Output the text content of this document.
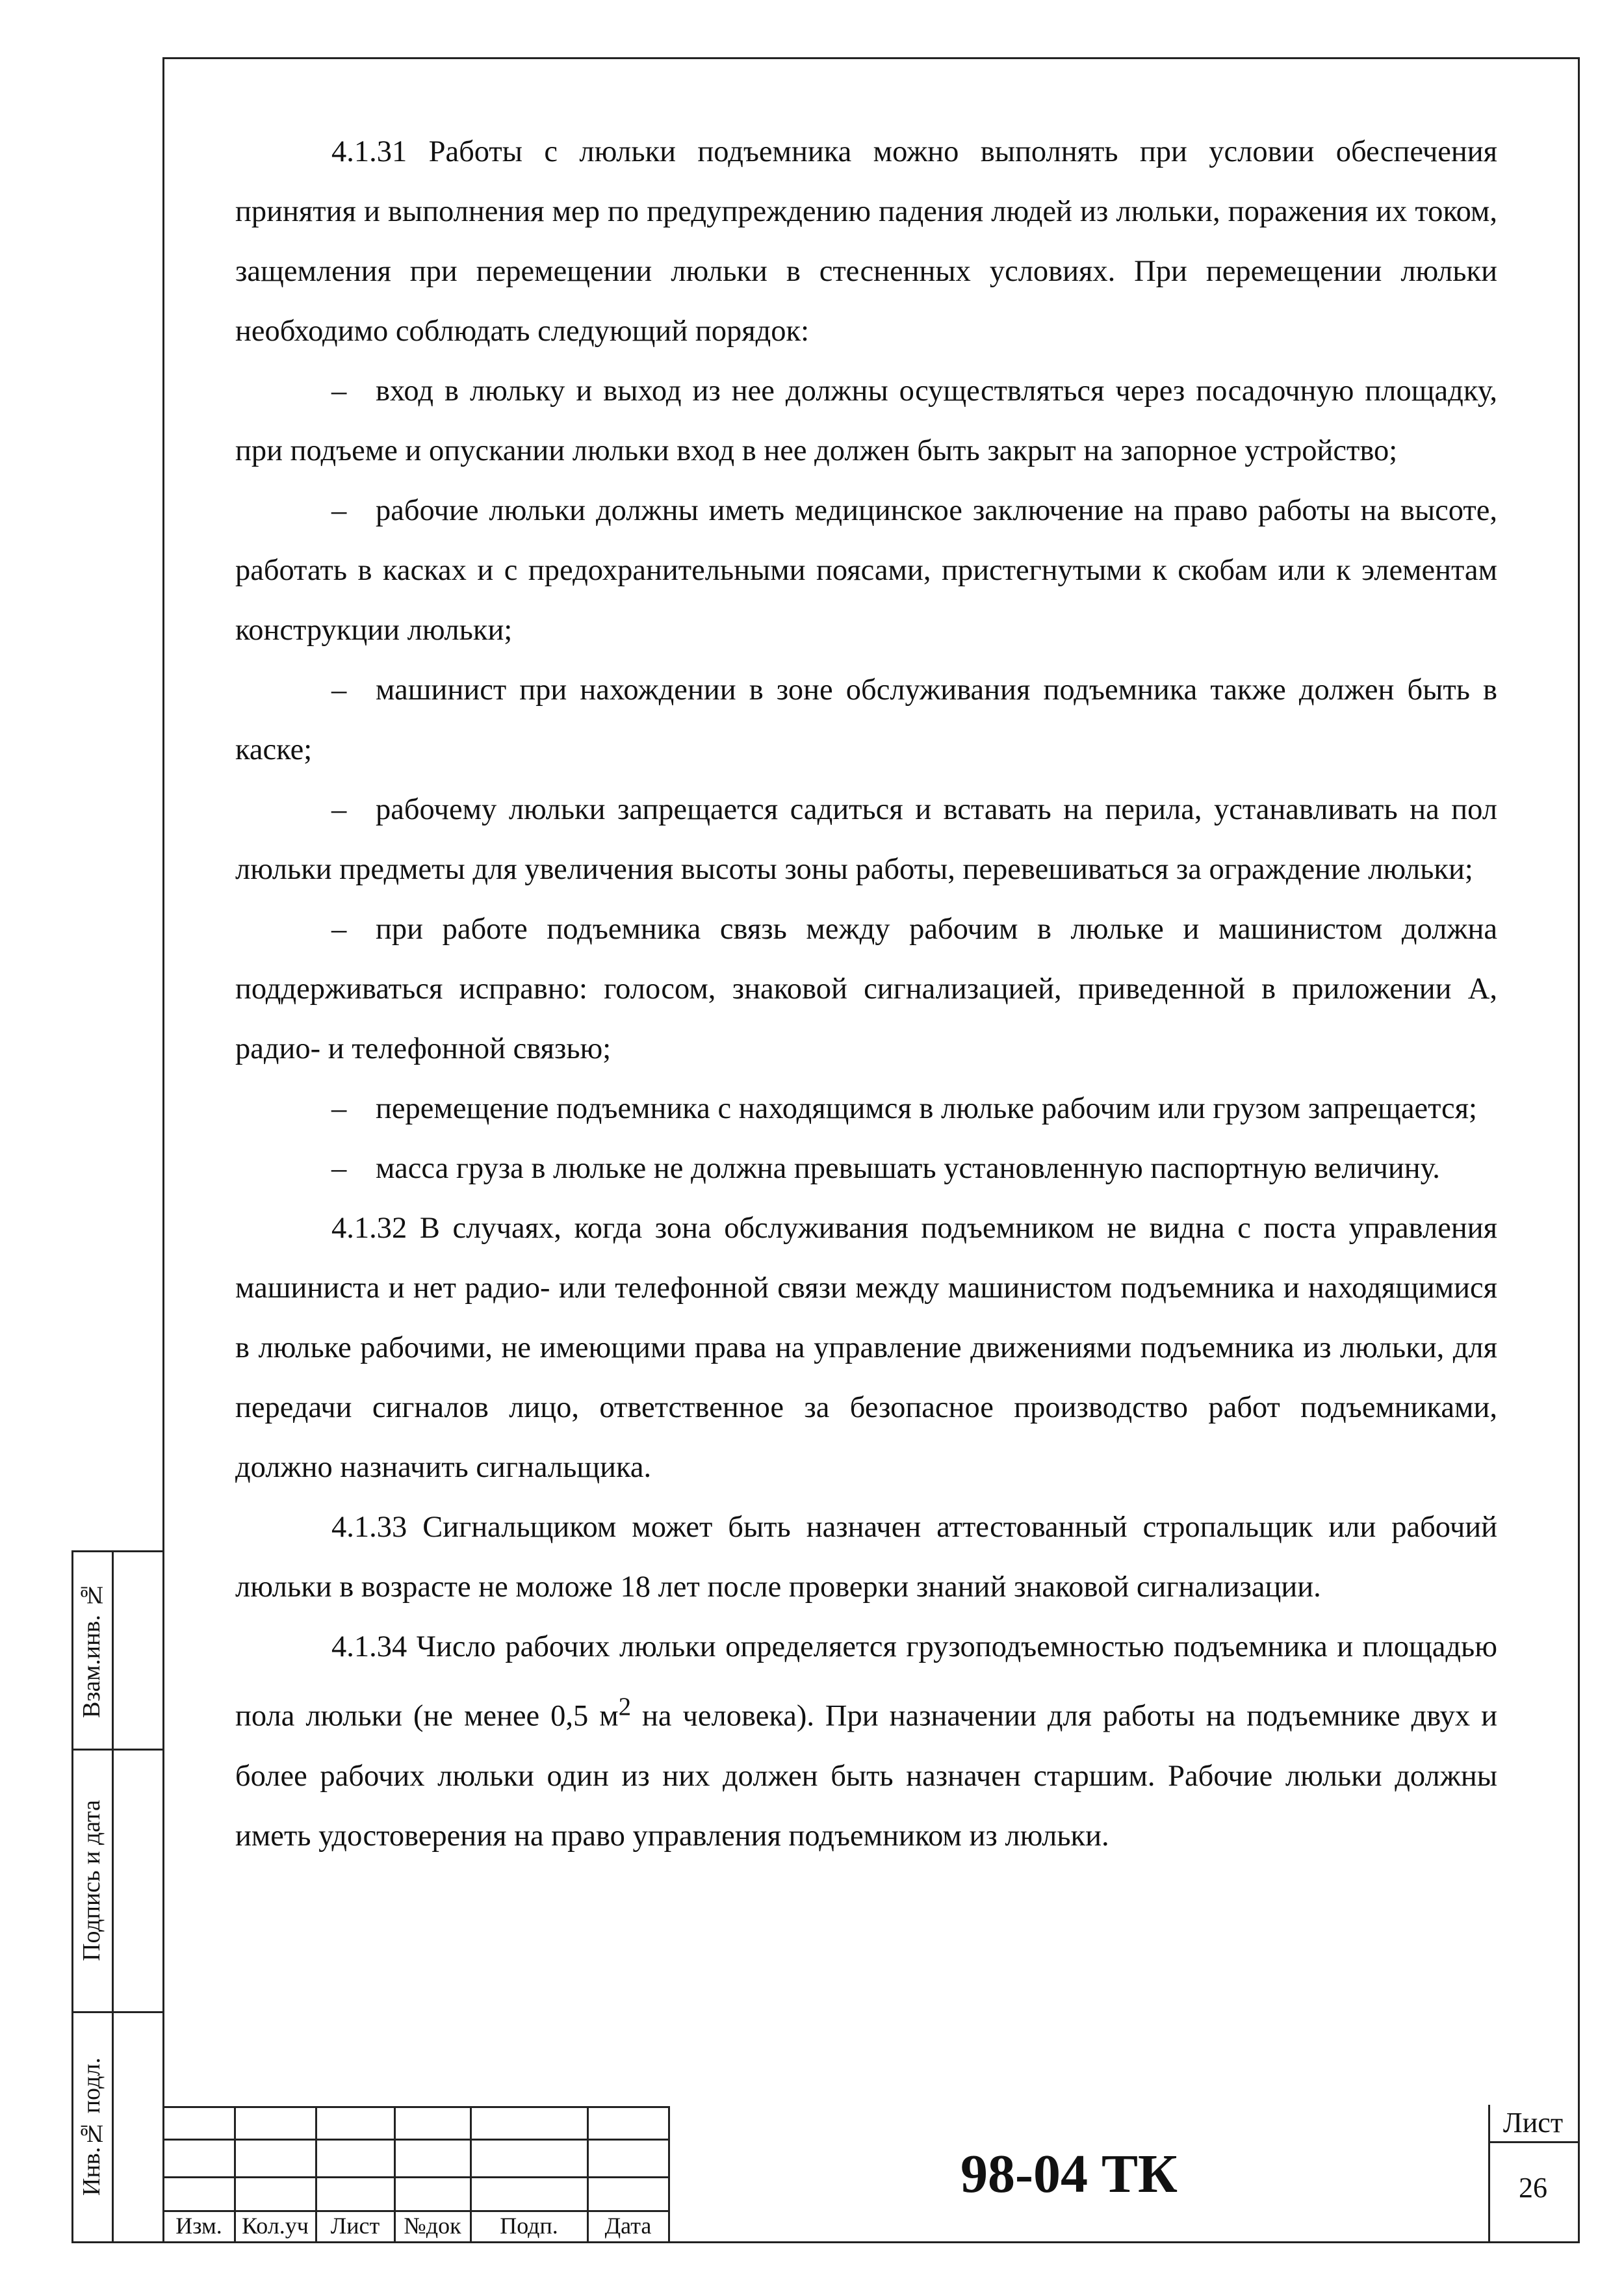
4.1.31 Работы с люльки подъемника можно выполнять при условии обеспечения принятия и выполнения мер по предупреждению падения людей из люльки, поражения их током, защемления при перемещении люльки в стесненных условиях. При перемещении люльки необходимо соблюдать следующий порядок:

– вход в люльку и выход из нее должны осуществляться через посадочную площадку, при подъеме и опускании люльки вход в нее должен быть закрыт на запорное устройство;

– рабочие люльки должны иметь медицинское заключение на право работы на высоте, работать в касках и с предохранительными поясами, пристегнутыми к скобам или к элементам конструкции люльки;

– машинист при нахождении в зоне обслуживания подъемника также должен быть в каске;

– рабочему люльки запрещается садиться и вставать на перила, устанавливать на пол люльки предметы для увеличения высоты зоны работы, перевешиваться за ограждение люльки;

– при работе подъемника связь между рабочим в люльке и машинистом должна поддерживаться исправно: голосом, знаковой сигнализацией, приведенной в приложении А, радио- и телефонной связью;

– перемещение подъемника с находящимся в люльке рабочим или грузом запрещается;

– масса груза в люльке не должна превышать установленную паспортную величину.

4.1.32 В случаях, когда зона обслуживания подъемником не видна с поста управления машиниста и нет радио- или телефонной связи между машинистом подъемника и находящимися в люльке рабочими, не имеющими права на управление движениями подъемника из люльки, для передачи сигналов лицо, ответственное за безопасное производство работ подъемниками, должно назначить сигнальщика.

4.1.33 Сигнальщиком может быть назначен аттестованный стропальщик или рабочий люльки в возрасте не моложе 18 лет после проверки знаний знаковой сигнализации.

4.1.34 Число рабочих люльки определяется грузоподъемностью подъемника и площадью пола люльки (не менее 0,5 $м^2$ на человека). При назначении для работы на подъемнике двух и более рабочих люльки один из них должен быть назначен старшим. Рабочие люльки должны иметь удостоверения на право управления подъемником из люльки.

Взам.инв. №
Подпись и дата
Инв.№ подл.
Изм. Кол.уч Лист	№док	Подп.	Дата
98-04 ТК
Лист
26
